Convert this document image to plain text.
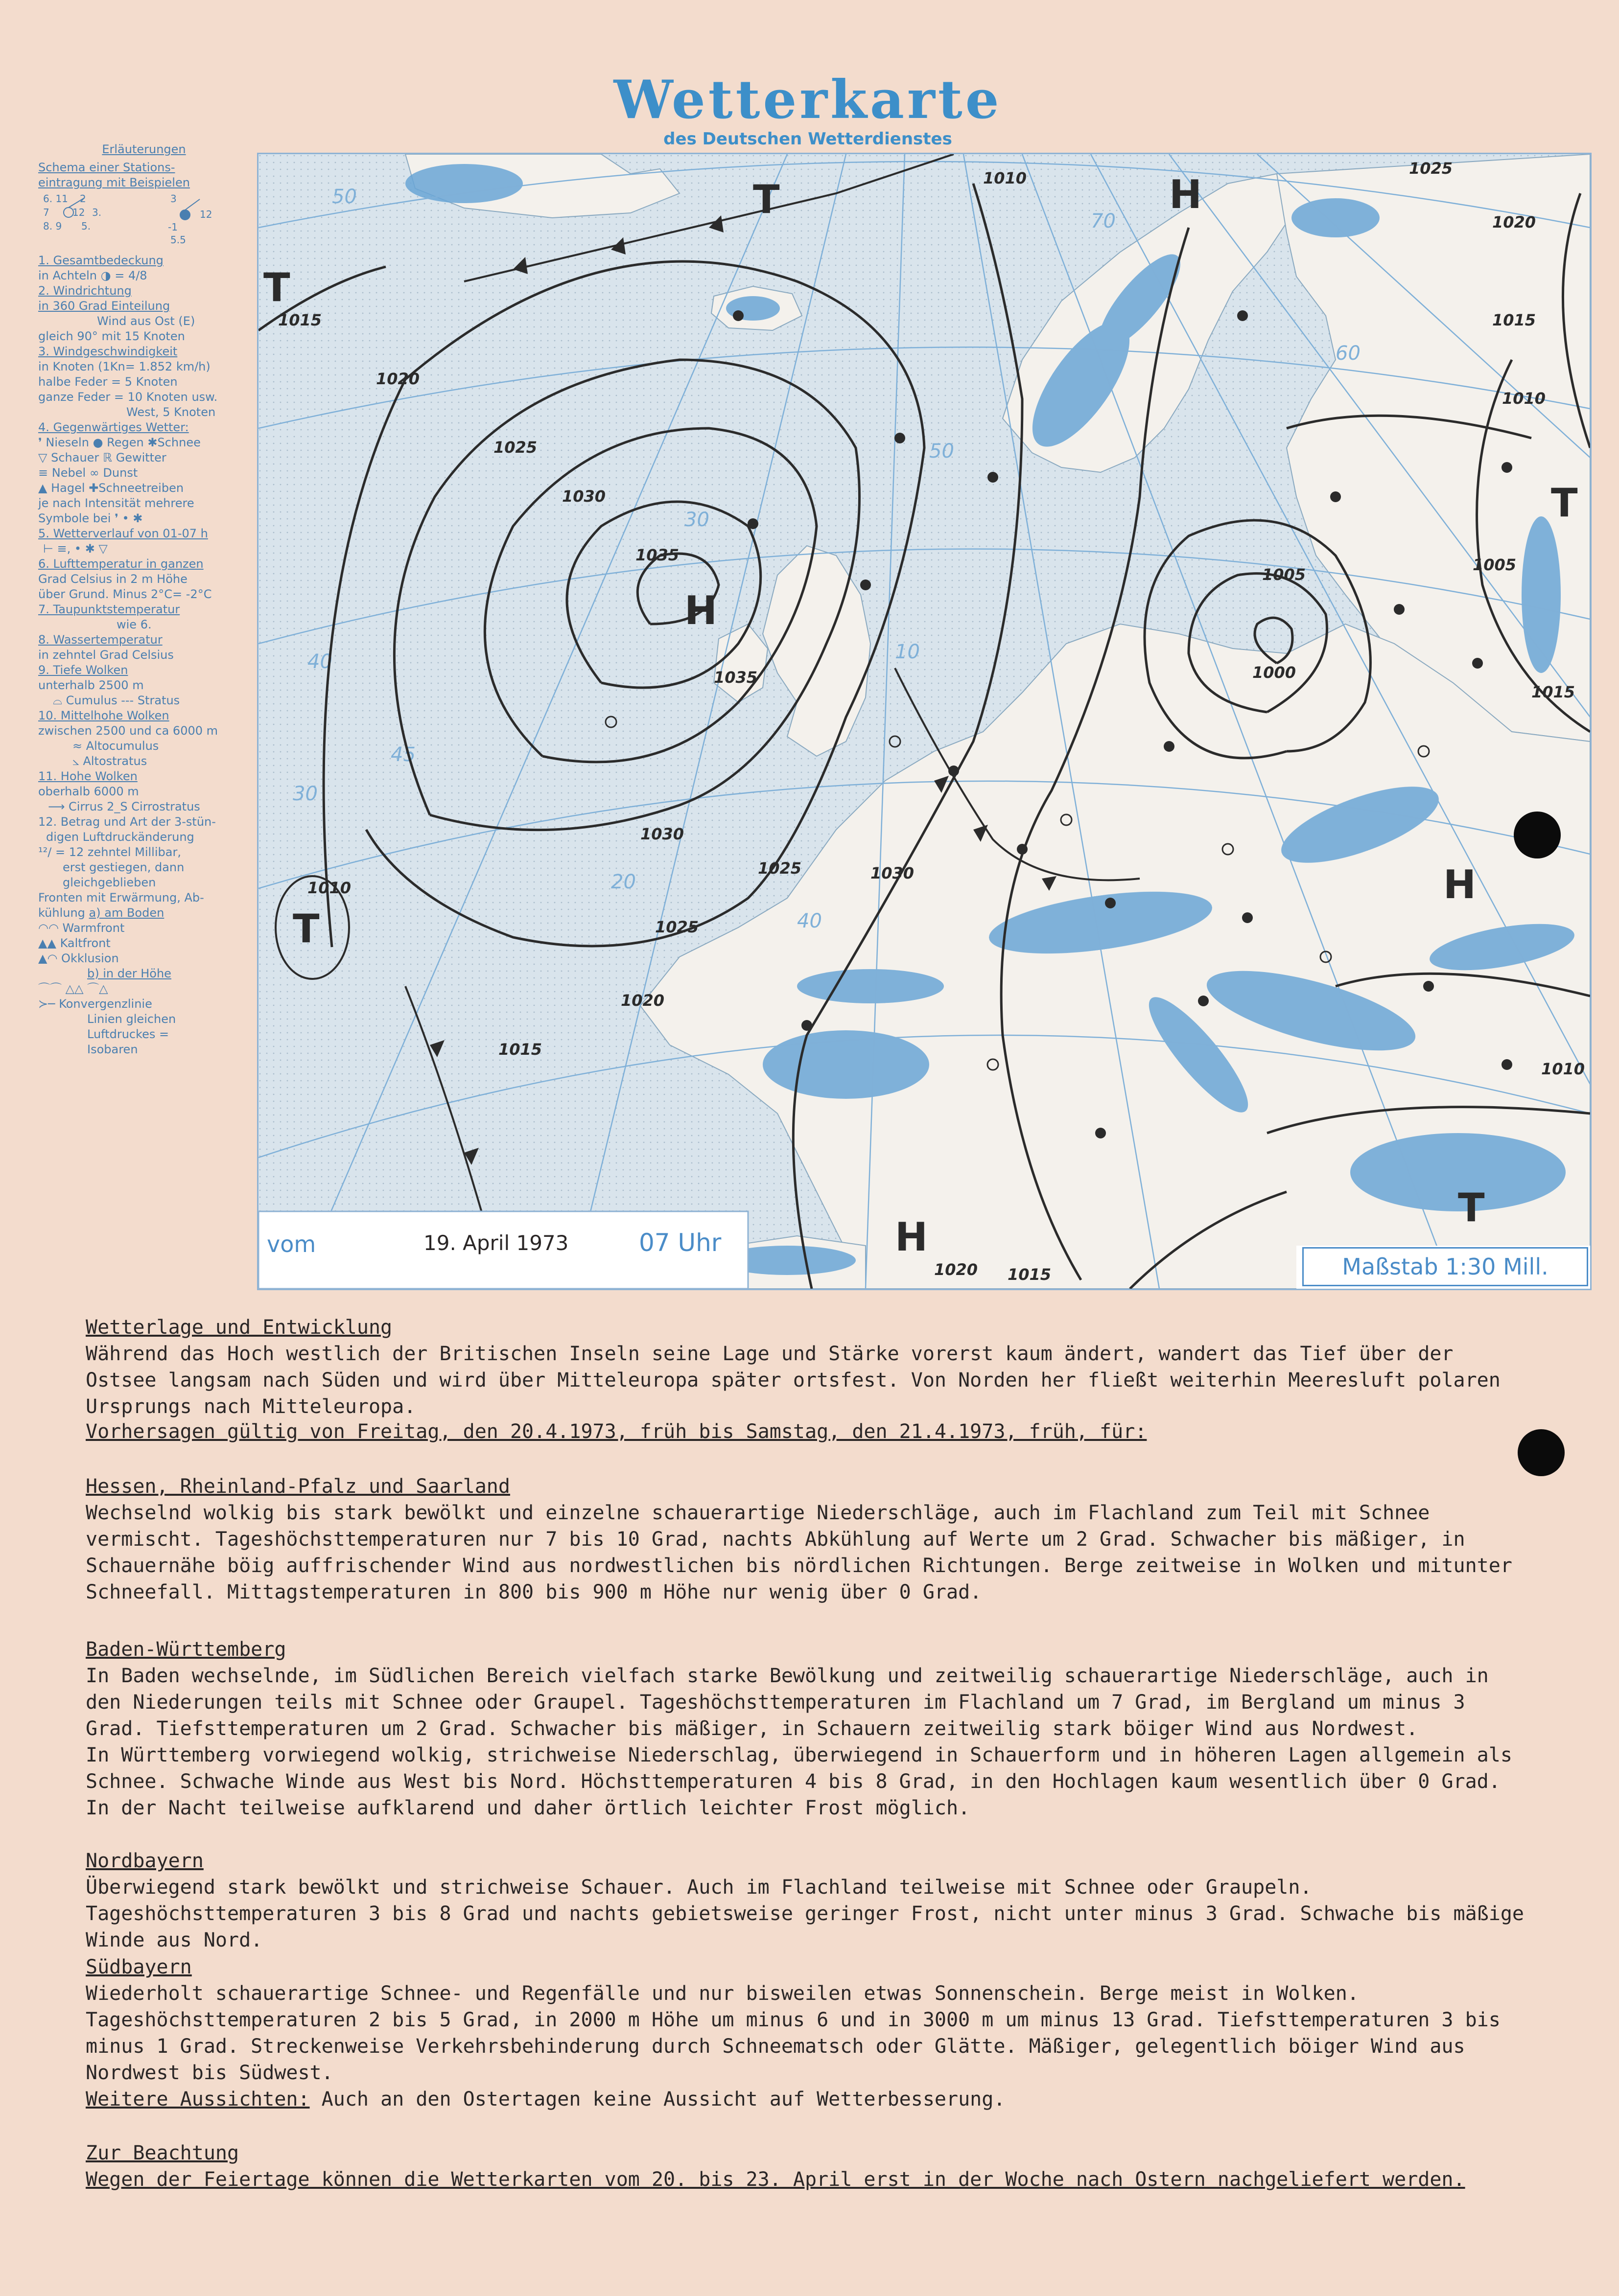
Wetterkarte
des Deutschen Wetterdienstes
Erläuterungen
Schema einer Stations-
eintragung mit Beispielen
6. 11 2
7 12 3.
8. 9 5.
3
12
-1
5.5
1. Gesamtbedeckung
in Achteln ◑ = 4/8
2. Windrichtung
in 360 Grad Einteilung
Wind aus Ost (E)
gleich 90° mit 15 Knoten
3. Windgeschwindigkeit
in Knoten (1Kn= 1.852 km/h)
halbe Feder = 5 Knoten
ganze Feder = 10 Knoten usw.
West, 5 Knoten
4. Gegenwärtiges Wetter:
❜ Nieseln ● Regen ✱Schnee
▽ Schauer ℝ Gewitter
≡ Nebel ∞ Dunst
▲ Hagel ✚Schneetreiben
je nach Intensität mehrere
Symbole bei ❜ • ✱
5. Wetterverlauf von 01-07 h
⊢ ≡, • ✱ ▽
6. Lufttemperatur in ganzen
Grad Celsius in 2 m Höhe
über Grund. Minus 2°C= -2°C
7. Taupunktstemperatur
wie 6.
8. Wassertemperatur
in zehntel Grad Celsius
9. Tiefe Wolken
unterhalb 2500 m
⌓ Cumulus --- Stratus
10. Mittelhohe Wolken
zwischen 2500 und ca 6000 m
≈ Altocumulus
⦣ Altostratus
11. Hohe Wolken
oberhalb 6000 m
⟶ Cirrus 2_S Cirrostratus
12. Betrag und Art der 3-stün-
digen Luftdruckänderung
¹²∕ = 12 zehntel Millibar,
erst gestiegen, dann
gleichgeblieben
Fronten mit Erwärmung, Ab-
kühlung a) am Boden
◠◠ Warmfront
▲▲ Kaltfront
▲◠ Okklusion
b) in der Höhe
⌒⌒ △△ ⌒△
≻─ Konvergenzlinie
Linien gleichen
Luftdruckes =
Isobaren
50
40
30
20
10
45
40
30
50
60
70
H
H
H
H
T
T
T
T
T
1015
1020
1025
1030
1035
1035
1030
1025
1020
1015
1010
1010
1005
1020
1025
1015
1010
1005
1000
1015
1020
1025	1030
1010
1015
vom	19. April 1973	07 Uhr
Maßstab 1:30 Mill.

Wetterlage und Entwicklung

Während das Hoch westlich der Britischen Inseln seine Lage und Stärke vorerst kaum ändert, wandert das Tief über der Ostsee langsam nach Süden und wird über Mitteleuropa später ortsfest. Von Norden her fließt weiterhin Meeresluft polaren Ursprungs nach Mitteleuropa.

Vorhersagen gültig von Freitag, den 20.4.1973, früh bis Samstag, den 21.4.1973, früh, für:

Hessen, Rheinland-Pfalz und Saarland

Wechselnd wolkig bis stark bewölkt und einzelne schauerartige Niederschläge, auch im Flachland zum Teil mit Schnee vermischt. Tageshöchsttemperaturen nur 7 bis 10 Grad, nachts Abkühlung auf Werte um 2 Grad. Schwacher bis mäßiger, in Schauernähe böig auffrischender Wind aus nordwestlichen bis nördlichen Richtungen. Berge zeitweise in Wolken und mitunter Schneefall. Mittagstemperaturen in 800 bis 900 m Höhe nur wenig über 0 Grad.

Baden-Württemberg

In Baden wechselnde, im Südlichen Bereich vielfach starke Bewölkung und zeitweilig schauerartige Niederschläge, auch in den Niederungen teils mit Schnee oder Graupel. Tageshöchsttemperaturen im Flachland um 7 Grad, im Bergland um minus 3 Grad. Tiefsttemperaturen um 2 Grad. Schwacher bis mäßiger, in Schauern zeitweilig stark böiger Wind aus Nordwest.

In Württemberg vorwiegend wolkig, strichweise Niederschlag, überwiegend in Schauerform und in höheren Lagen allgemein als Schnee. Schwache Winde aus West bis Nord. Höchsttemperaturen 4 bis 8 Grad, in den Hochlagen kaum wesentlich über 0 Grad. In der Nacht teilweise aufklarend und daher örtlich leichter Frost möglich.

Nordbayern

Überwiegend stark bewölkt und strichweise Schauer. Auch im Flachland teilweise mit Schnee oder Graupeln. Tageshöchsttemperaturen 3 bis 8 Grad und nachts gebietsweise geringer Frost, nicht unter minus 3 Grad. Schwache bis mäßige Winde aus Nord.

Südbayern

Wiederholt schauerartige Schnee- und Regenfälle und nur bisweilen etwas Sonnenschein. Berge meist in Wolken. Tageshöchsttemperaturen 2 bis 5 Grad, in 2000 m Höhe um minus 6 und in 3000 m um minus 13 Grad. Tiefsttemperaturen 3 bis minus 1 Grad. Streckenweise Verkehrsbehinderung durch Schneematsch oder Glätte. Mäßiger, gelegentlich böiger Wind aus Nordwest bis Südwest.

Weitere Aussichten: Auch an den Ostertagen keine Aussicht auf Wetterbesserung.

Zur Beachtung

Wegen der Feiertage können die Wetterkarten vom 20. bis 23. April erst in der Woche nach Ostern nachgeliefert werden.
